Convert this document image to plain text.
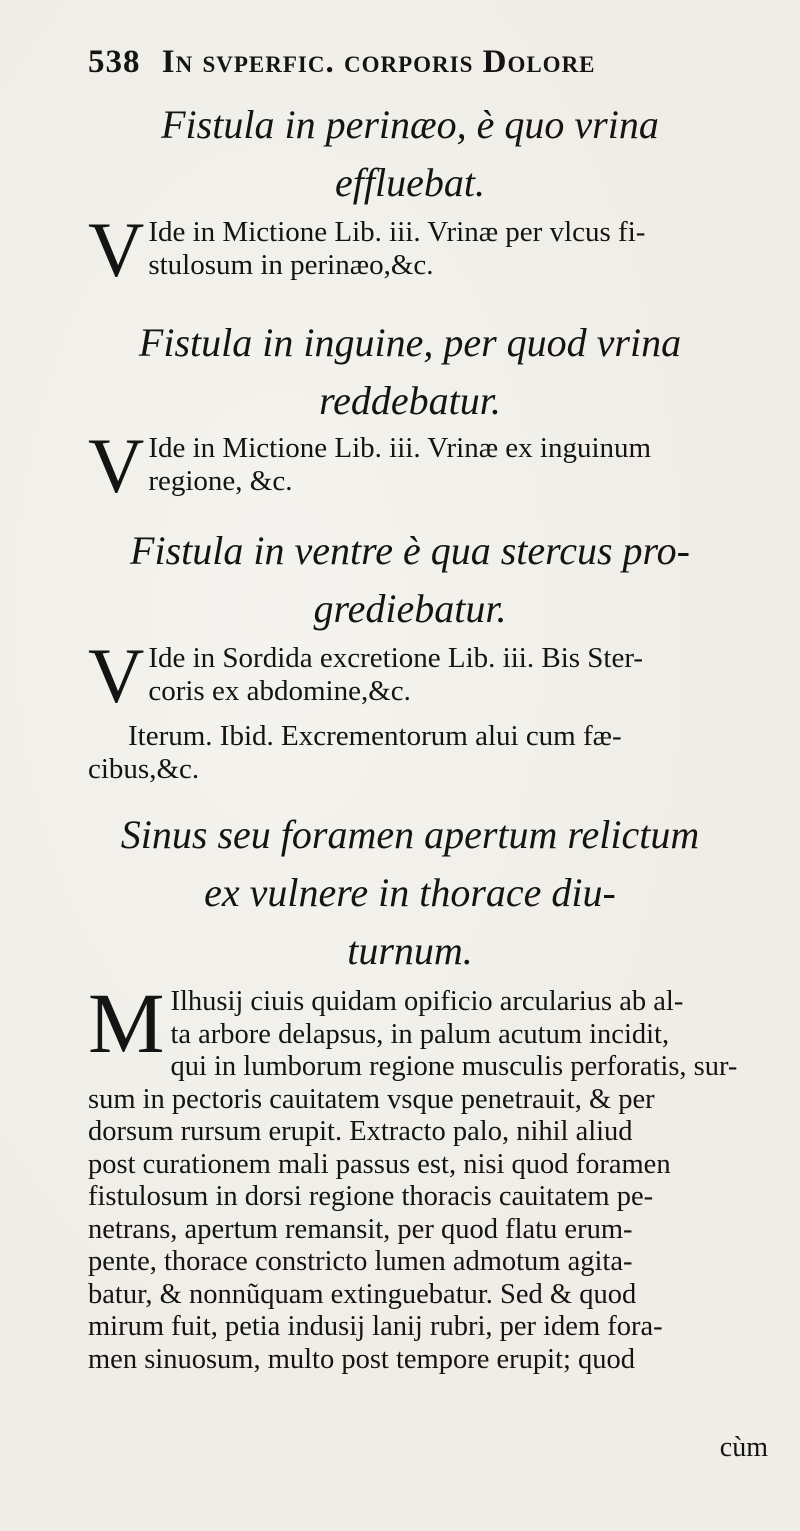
538 In svperfic. corporis Dolore
Fistula in perinæo, è quo vrina
effluebat.
V Ide in Mictione Lib. iii. Vrinæ per vlcus fi-
stulosum in perinæo,&c.
Fistula in inguine, per quod vrina
reddebatur.
V Ide in Mictione Lib. iii. Vrinæ ex inguinum
regione, &c.
Fistula in ventre è qua stercus pro-
grediebatur.
V Ide in Sordida excretione Lib. iii. Bis Ster-
coris ex abdomine,&c.
Iterum. Ibid. Excrementorum alui cum fæ-
cibus,&c.
Sinus seu foramen apertum relictum
ex vulnere in thorace diu-
turnum.
M Ilhusij ciuis quidam opificio arcularius ab al-
ta arbore delapsus, in palum acutum incidit,
qui in lumborum regione musculis perforatis, sur-
sum in pectoris cauitatem vsque penetrauit, & per
dorsum rursum erupit. Extracto palo, nihil aliud
post curationem mali passus est, nisi quod foramen
fistulosum in dorsi regione thoracis cauitatem pe-
netrans, apertum remansit, per quod flatu erum-
pente, thorace constricto lumen admotum agita-
batur, & nonnũquam extinguebatur. Sed & quod
mirum fuit, petia indusij lanij rubri, per idem fora-
men sinuosum, multo post tempore erupit; quod
cùm
